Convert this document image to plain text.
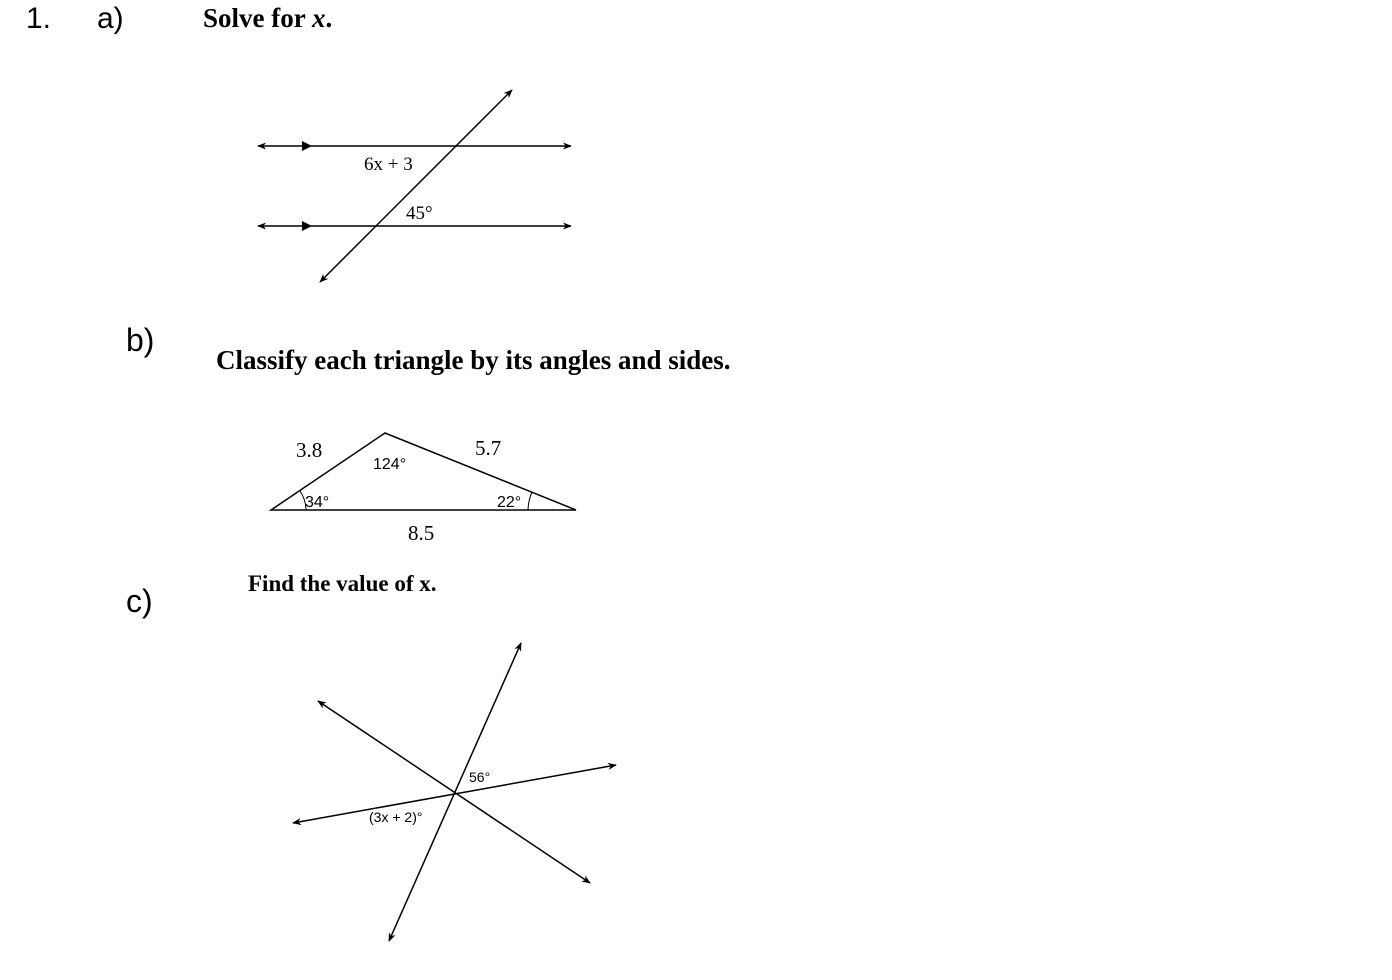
1. a)	Solve for x.
b)
Classify each triangle by its angles and sides.
c)	Find the value of x.
6x + 3
45°
3.8	5.7
8.5
124°
34°	22°
56°
(3x + 2)°
